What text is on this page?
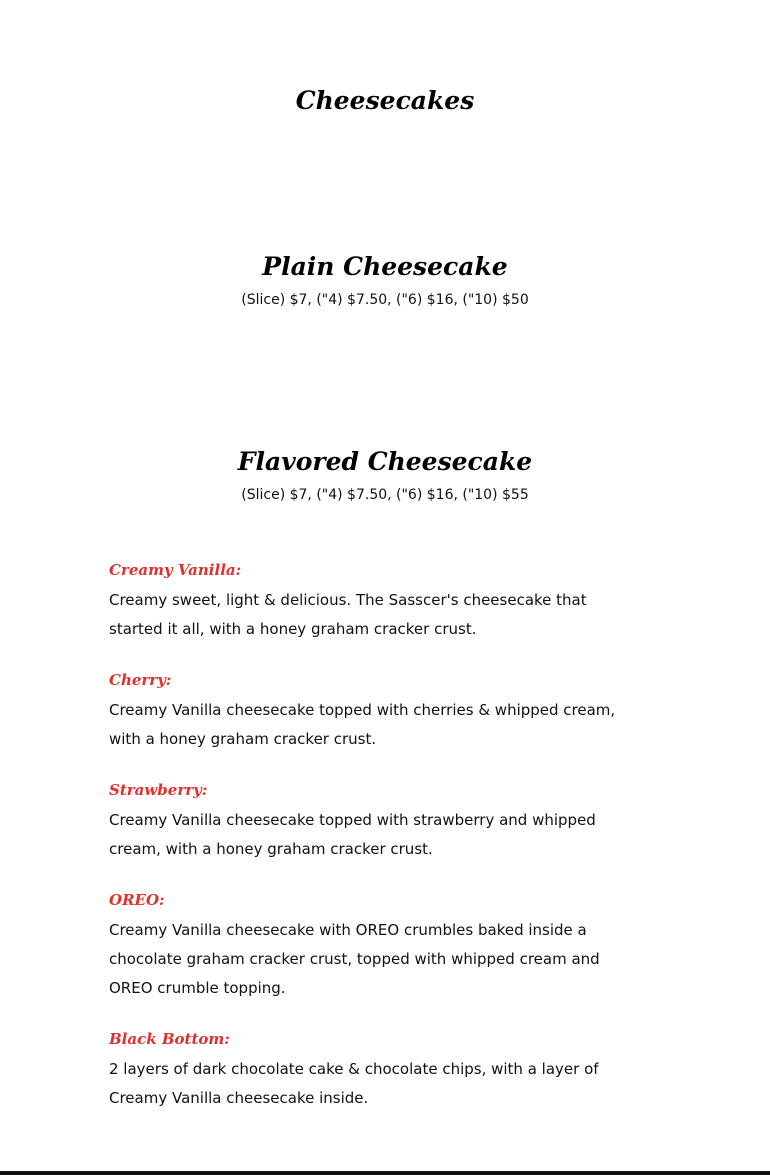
Cheesecakes
Plain Cheesecake

(Slice) $7, ("4) $7.50, ("6) $16, ("10) $50

Flavored Cheesecake

(Slice) $7, ("4) $7.50, ("6) $16, ("10) $55

Creamy Vanilla:

Creamy sweet, light & delicious. The Sasscer's cheesecake that started it all, with a honey graham cracker crust.

Cherry:

Creamy Vanilla cheesecake topped with cherries & whipped cream, with a honey graham cracker crust.

Strawberry:

Creamy Vanilla cheesecake topped with strawberry and whipped cream, with a honey graham cracker crust.

OREO:

Creamy Vanilla cheesecake with OREO crumbles baked inside a chocolate graham cracker crust, topped with whipped cream and OREO crumble topping.

Black Bottom:

2 layers of dark chocolate cake & chocolate chips, with a layer of Creamy Vanilla cheesecake inside.
